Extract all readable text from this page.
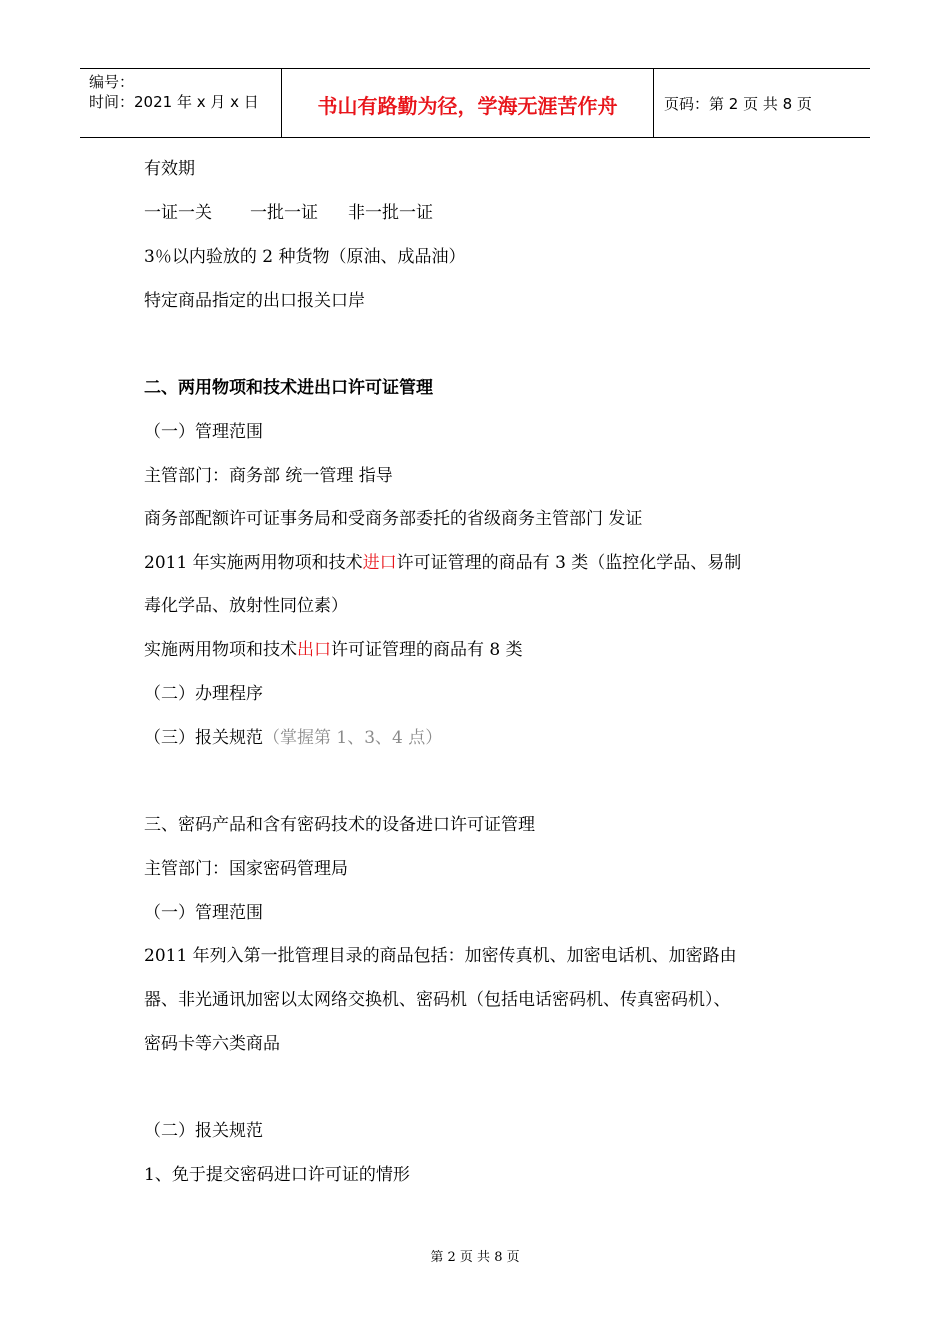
编号：
时间：2021 年 x 月 x 日	书山有路勤为径，学海无涯苦作舟	页码：第 2 页 共 8 页
有效期
一证一关 一批一证 非一批一证
3％以内验放的 2 种货物（原油、成品油）
特定商品指定的出口报关口岸
二、两用物项和技术进出口许可证管理
（一）管理范围
主管部门：商务部 统一管理 指导
商务部配额许可证事务局和受商务部委托的省级商务主管部门 发证
2011 年实施两用物项和技术进口许可证管理的商品有 3 类（监控化学品、易制
毒化学品、放射性同位素）
实施两用物项和技术出口许可证管理的商品有 8 类
（二）办理程序
（三）报关规范（掌握第 1、3、4 点）
三、密码产品和含有密码技术的设备进口许可证管理
主管部门：国家密码管理局
（一）管理范围
2011 年列入第一批管理目录的商品包括：加密传真机、加密电话机、加密路由
器、非光通讯加密以太网络交换机、密码机（包括电话密码机、传真密码机）、
密码卡等六类商品
（二）报关规范
1、免于提交密码进口许可证的情形
第 2 页 共 8 页
